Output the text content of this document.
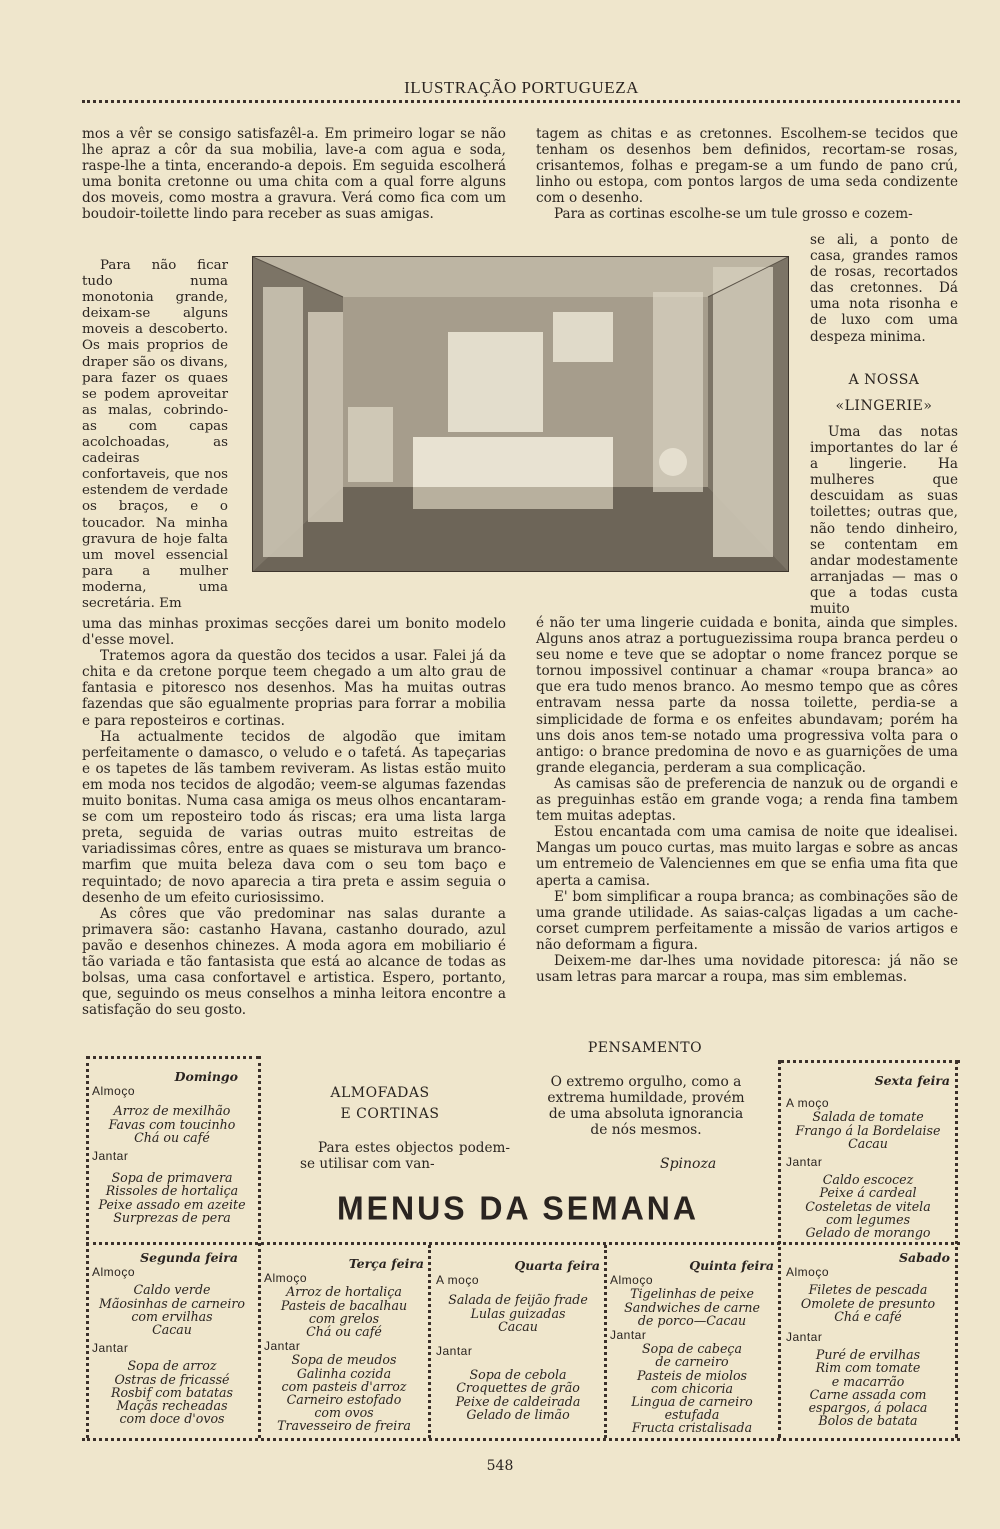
ILUSTRAÇÃO PORTUGUEZA

mos a vêr se consigo satisfazêl-a. Em primeiro logar se não lhe apraz a côr da sua mobilia, lave-a com agua e soda, raspe-lhe a tinta, encerando-a depois. Em seguida escolherá uma bonita cretonne ou uma chita com a qual forre alguns dos moveis, como mostra a gravura. Verá como fica com um boudoir-toilette lindo para receber as suas amigas.

Para não ficar tudo numa monotonia grande, deixam-se alguns moveis a descoberto. Os mais proprios de draper são os divans, para fazer os quaes se podem aproveitar as malas, cobrindo-as com capas acolchoadas, as cadeiras confortaveis, que nos estendem de verdade os braços, e o toucador. Na minha gravura de hoje falta um movel essencial para a mulher moderna, uma secretária. Em

uma das minhas proximas secções darei um bonito modelo d'esse movel.

Tratemos agora da questão dos tecidos a usar. Falei já da chita e da cretone porque teem chegado a um alto grau de fantasia e pitoresco nos desenhos. Mas ha muitas outras fazendas que são egualmente proprias para forrar a mobilia e para reposteiros e cortinas.

Ha actualmente tecidos de algodão que imitam perfeitamente o damasco, o veludo e o tafetá. As tapeçarias e os tapetes de lãs tambem reviveram. As listas estão muito em moda nos tecidos de algodão; veem-se algumas fazendas muito bonitas. Numa casa amiga os meus olhos encantaram-se com um reposteiro todo ás riscas; era uma lista larga preta, seguida de varias outras muito estreitas de variadissimas côres, entre as quaes se misturava um branco-marfim que muita beleza dava com o seu tom baço e requintado; de novo aparecia a tira preta e assim seguia o desenho de um efeito curiosissimo.

As côres que vão predominar nas salas durante a primavera são: castanho Havana, castanho dourado, azul pavão e desenhos chinezes. A moda agora em mobiliario é tão variada e tão fantasista que está ao alcance de todas as bolsas, uma casa confortavel e artistica. Espero, portanto, que, seguindo os meus conselhos a minha leitora encontre a satisfação do seu gosto.

tagem as chitas e as cretonnes. Escolhem-se tecidos que tenham os desenhos bem definidos, recortam-se rosas, crisantemos, folhas e pregam-se a um fundo de pano crú, linho ou estopa, com pontos largos de uma seda condizente com o desenho.

Para as cortinas escolhe-se um tule grosso e cozem-

se ali, a ponto de casa, grandes ramos de rosas, recortados das cretonnes. Dá uma nota risonha e de luxo com uma despeza minima.

A NOSSA
«LINGERIE»

Uma das notas importantes do lar é a lingerie. Ha mulheres que descuidam as suas toilettes; outras que, não tendo dinheiro, se contentam em andar modestamente arranjadas — mas o que a todas custa muito

é não ter uma lingerie cuidada e bonita, ainda que simples. Alguns anos atraz a portuguezissima roupa branca perdeu o seu nome e teve que se adoptar o nome francez porque se tornou impossivel continuar a chamar «roupa branca» ao que era tudo menos branco. Ao mesmo tempo que as côres entravam nessa parte da nossa toilette, perdia-se a simplicidade de forma e os enfeites abundavam; porém ha uns dois anos tem-se notado uma progressiva volta para o antigo: o brance predomina de novo e as guarnições de uma grande elegancia, perderam a sua complicação.

As camisas são de preferencia de nanzuk ou de organdi e as preguinhas estão em grande voga; a renda fina tambem tem muitas adeptas.

Estou encantada com uma camisa de noite que idealisei. Mangas um pouco curtas, mas muito largas e sobre as ancas um entremeio de Valenciennes em que se enfia uma fita que aperta a camisa.

E' bom simplificar a roupa branca; as combinações são de uma grande utilidade. As saias-calças ligadas a um cache-corset cumprem perfeitamente a missão de varios artigos e não deformam a figura.

Deixem-me dar-lhes uma novidade pitoresca: já não se usam letras para marcar a roupa, mas sim emblemas.

ALMOFADAS
E CORTINAS

Para estes objectos podem-se utilisar com van-

PENSAMENTO
O extremo orgulho, como a extrema humildade, provém de uma absoluta ignorancia de nós mesmos.
Spinoza
MENUS DA SEMANA
Domingo
Almoço
Arroz de mexilhão
Favas com toucinho
Chá ou café
Jantar
Sopa de primavera
Rissoles de hortaliça
Peixe assado em azeite
Surprezas de pera
Sexta feira
A moço
Salada de tomate
Frango á la Bordelaise
Cacau
Jantar
Caldo escocez
Peixe á cardeal
Costeletas de vitela
com legumes
Gelado de morango
Segunda feira
Almoço
Caldo verde
Mãosinhas de carneiro
com ervilhas
Cacau
Jantar
Sopa de arroz
Ostras de fricassé
Rosbif com batatas
Maçãs recheadas
com doce d'ovos
Terça feira
Almoço
Arroz de hortaliça
Pasteis de bacalhau
com grelos
Chá ou café
Jantar
Sopa de meudos
Galinha cozida
com pasteis d'arroz
Carneiro estofado
com ovos
Travesseiro de freira
Quarta feira
A moço
Salada de feijão frade
Lulas guizadas
Cacau
Jantar
Sopa de cebola
Croquettes de grão
Peixe de caldeirada
Gelado de limão
Quinta feira
Almoço
Tigelinhas de peixe
Sandwiches de carne
de porco—Cacau
Jantar
Sopa de cabeça
de carneiro
Pasteis de miolos
com chicoria
Lingua de carneiro
estufada
Fructa cristalisada
Sabado
Almoço
Filetes de pescada
Omolete de presunto
Chá e café
Jantar
Puré de ervilhas
Rim com tomate
e macarrão
Carne assada com espargos, á polaca
Bolos de batata
548
